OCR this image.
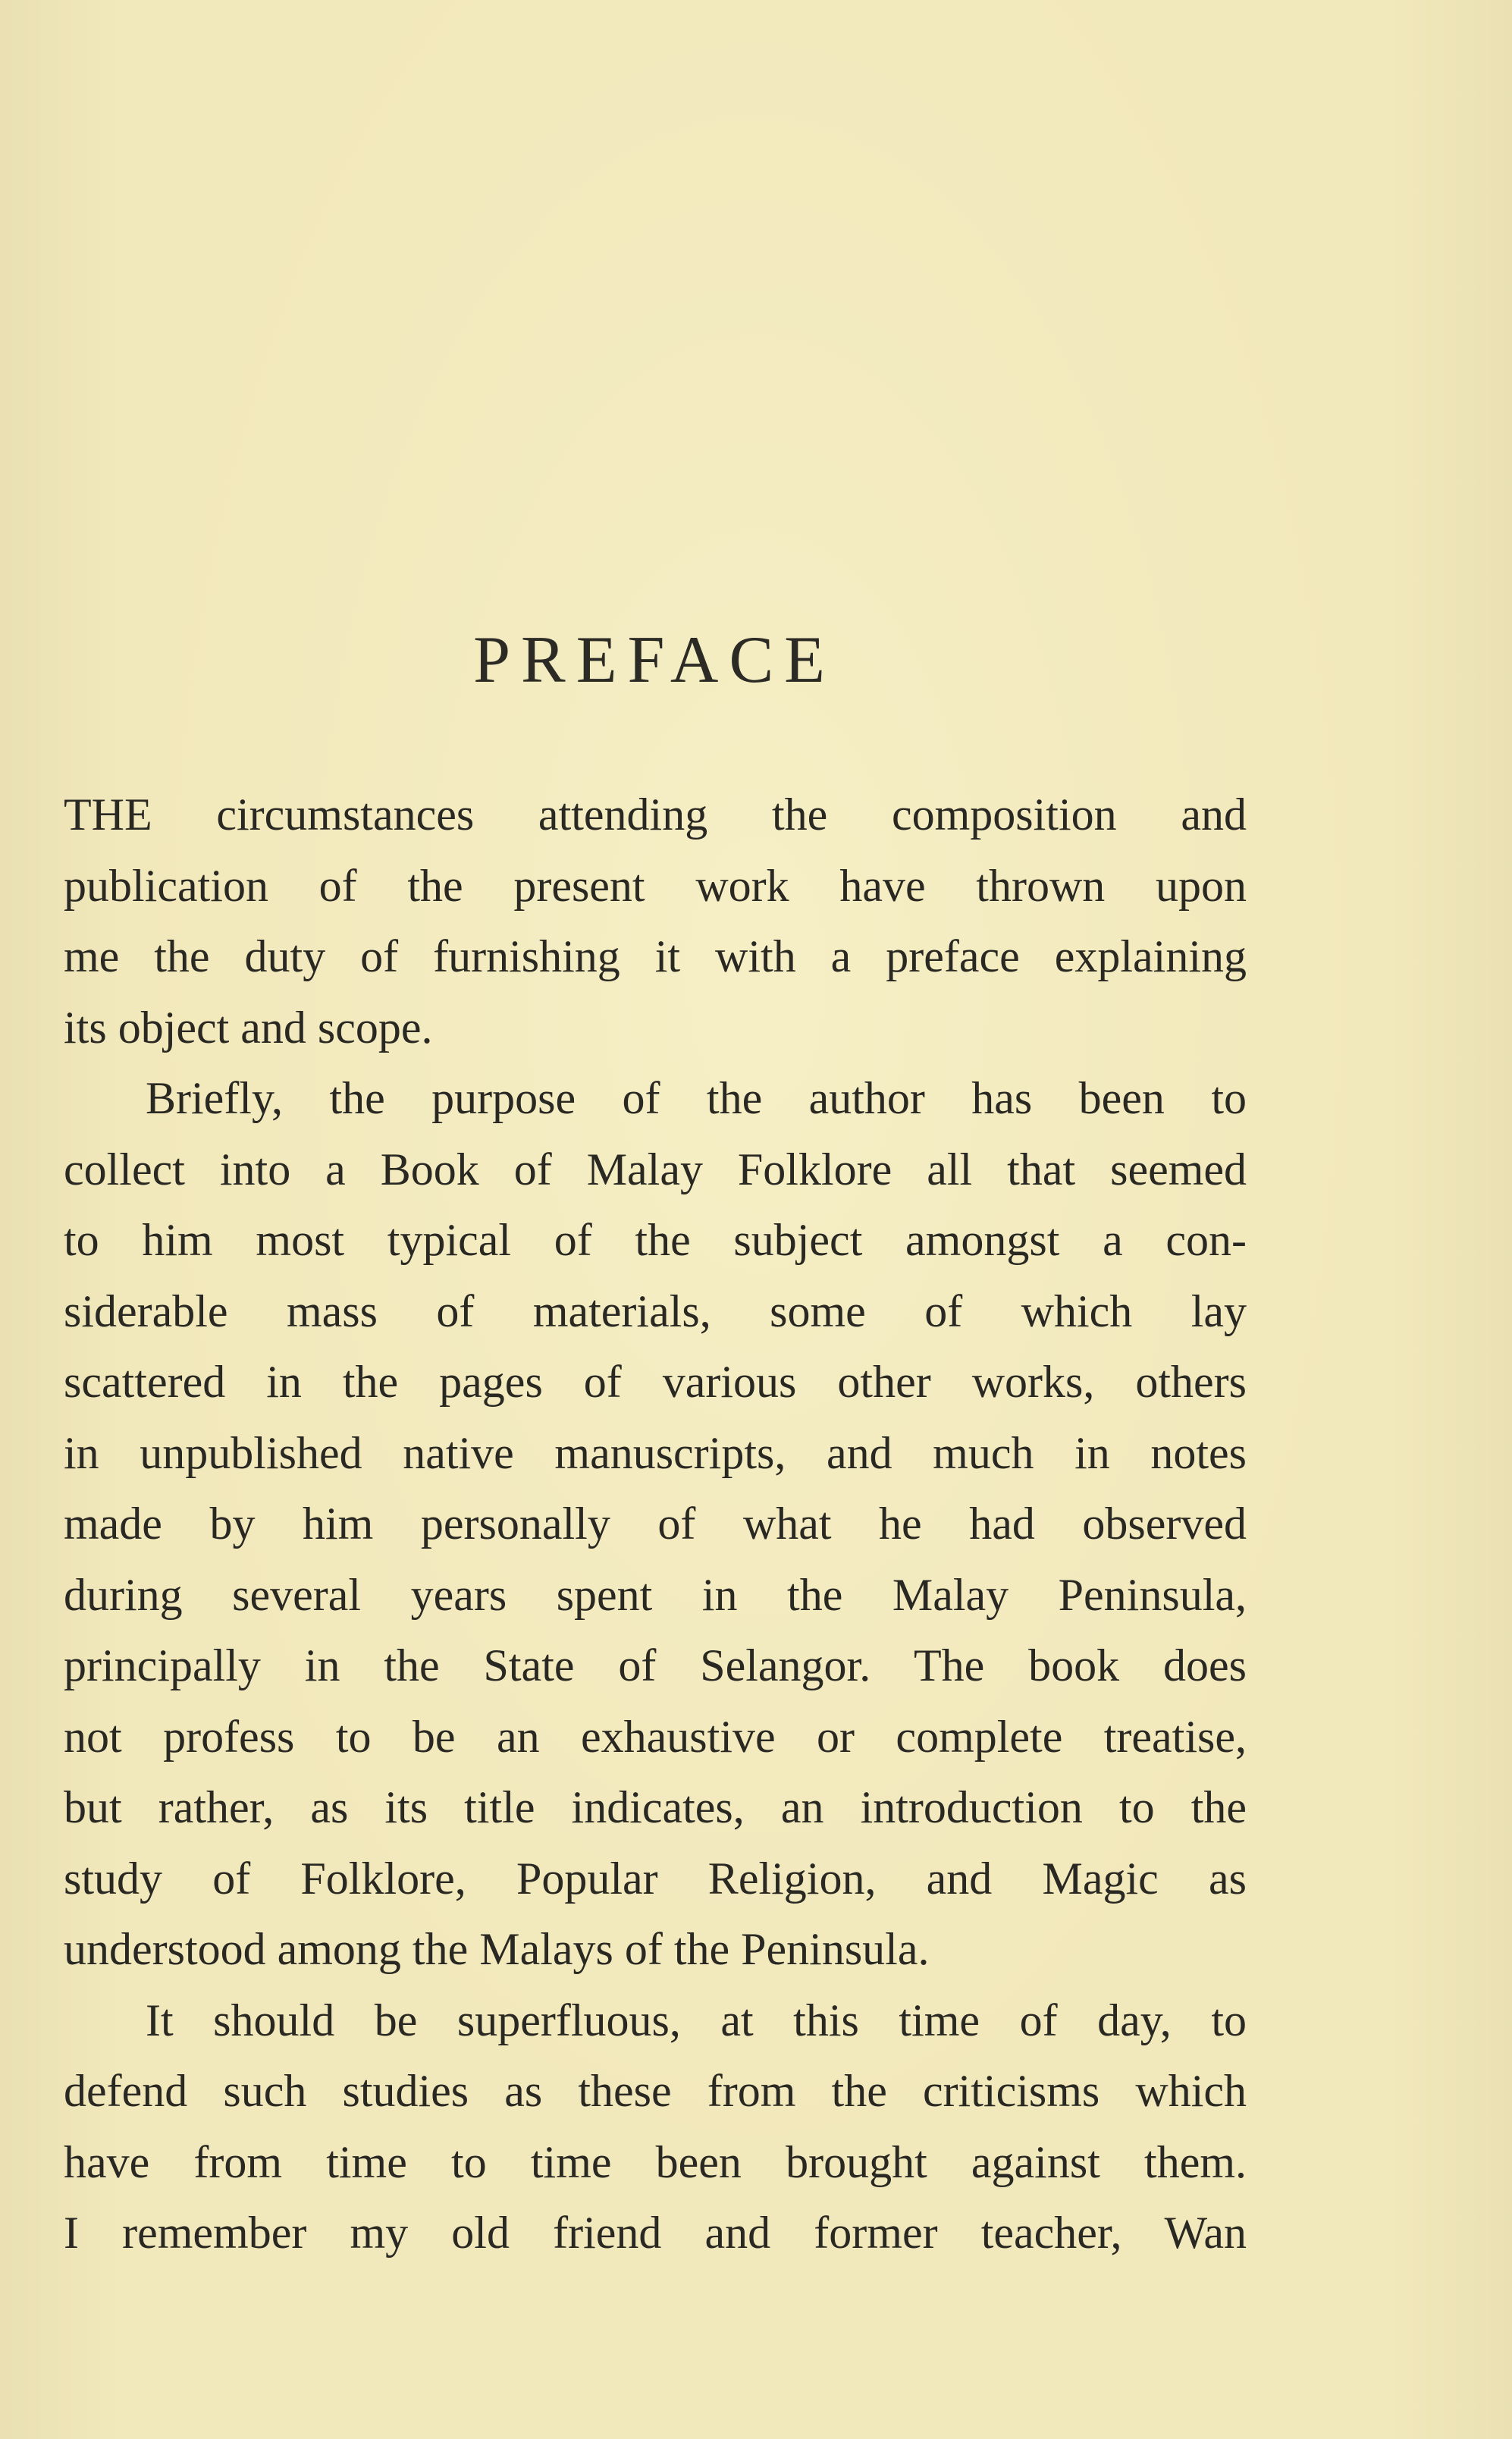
PREFACE

THE circumstances attending the composition and
publication of the present work have thrown upon
me the duty of furnishing it with a preface explaining
its object and scope.

Briefly, the purpose of the author has been to
collect into a Book of Malay Folklore all that seemed
to him most typical of the subject amongst a con-
siderable mass of materials, some of which lay
scattered in the pages of various other works, others
in unpublished native manuscripts, and much in notes
made by him personally of what he had observed
during several years spent in the Malay Peninsula,
principally in the State of Selangor. The book does
not profess to be an exhaustive or complete treatise,
but rather, as its title indicates, an introduction to the
study of Folklore, Popular Religion, and Magic as
understood among the Malays of the Peninsula.

It should be superfluous, at this time of day, to
defend such studies as these from the criticisms which
have from time to time been brought against them.
I remember my old friend and former teacher, Wan
